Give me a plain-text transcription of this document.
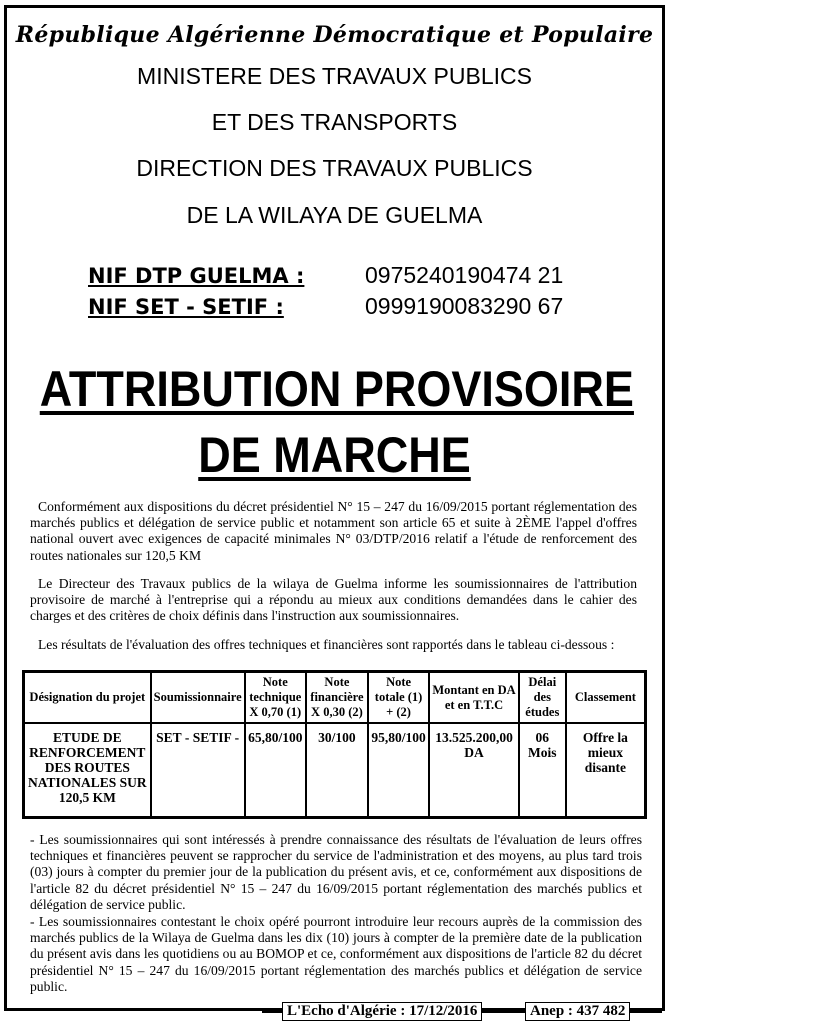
République Algérienne Démocratique et Populaire
MINISTERE DES TRAVAUX PUBLICS
ET DES TRANSPORTS
DIRECTION DES TRAVAUX PUBLICS
DE LA WILAYA DE GUELMA
NIF DTP GUELMA :	0975240190474 21
NIF SET - SETIF :	0999190083290 67
ATTRIBUTION PROVISOIRE
DE MARCHE
Conformément aux dispositions du décret présidentiel N° 15 – 247 du 16/09/2015 portant réglementation des marchés publics et délégation de service public et notamment son article 65 et suite à 2ÈME l'appel d'offres national ouvert avec exigences de capacité minimales N° 03/DTP/2016 relatif a l'étude de renforcement des routes nationales sur 120,5 KM
Le Directeur des Travaux publics de la wilaya de Guelma informe les soumissionnaires de l'attribution provisoire de marché à l'entreprise qui a répondu au mieux aux conditions demandées dans le cahier des charges et des critères de choix définis dans l'instruction aux soumissionnaires.
Les résultats de l'évaluation des offres techniques et financières sont rapportés dans le tableau ci-dessous :
Désignation du projet	Soumissionnaire	Note technique X 0,70 (1)	Note financière X 0,30 (2)	Note totale (1) + (2)	Montant en DA et en T.T.C	Délai des études	Classement
ETUDE DE RENFORCEMENT DES ROUTES NATIONALES SUR 120,5 KM	SET - SETIF -	65,80/100	30/100	95,80/100	13.525.200,00 DA	06 Mois	Offre la mieux disante
- Les soumissionnaires qui sont intéressés à prendre connaissance des résultats de l'évaluation de leurs offres techniques et financières peuvent se rapprocher du service de l'administration et des moyens, au plus tard trois (03) jours à compter du premier jour de la publication du présent avis, et ce, conformément aux dispositions de l'article 82 du décret présidentiel N° 15 – 247 du 16/09/2015 portant réglementation des marchés publics et délégation de service public.
- Les soumissionnaires contestant le choix opéré pourront introduire leur recours auprès de la commission des marchés publics de la Wilaya de Guelma dans les dix (10) jours à compter de la première date de la publication du présent avis dans les quotidiens ou au BOMOP et ce, conformément aux dispositions de l'article 82 du décret présidentiel N° 15 – 247 du 16/09/2015 portant réglementation des marchés publics et délégation de service public.
L'Echo d'Algérie : 17/12/2016	Anep : 437 482
